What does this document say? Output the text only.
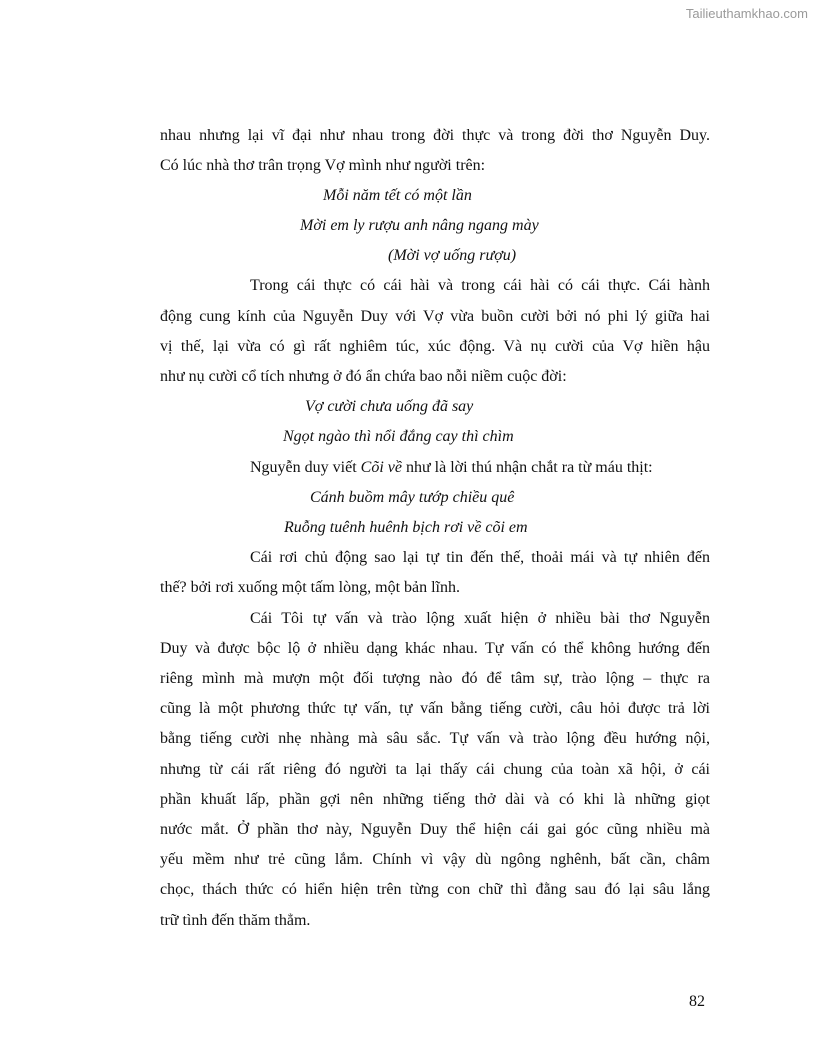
Tailieuthamkhao.com
nhau nhưng lại vĩ đại như nhau trong đời thực và trong đời thơ Nguyễn Duy.
Có lúc nhà thơ trân trọng Vợ mình như người trên:
Mỗi năm tết có một lần
Mời em ly rượu anh nâng ngang mày
(Mời vợ uống rượu)
Trong cái thực có cái hài và trong cái hài có cái thực. Cái hành
động cung kính của Nguyễn Duy với Vợ vừa buồn cười bởi nó phi lý giữa hai
vị thế, lại vừa có gì rất nghiêm túc, xúc động. Và nụ cười của Vợ hiền hậu
như nụ cười cổ tích nhưng ở đó ẩn chứa bao nỗi niềm cuộc đời:
Vợ cười chưa uống đã say
Ngọt ngào thì nổi đắng cay thì chìm
Nguyễn duy viết Cõi về như là lời thú nhận chắt ra từ máu thịt:
Cánh buồm mây tướp chiều quê
Ruỗng tuênh huênh bịch rơi về cõi em
Cái rơi chủ động sao lại tự tin đến thế, thoải mái và tự nhiên đến
thế? bởi rơi xuống một tấm lòng, một bản lĩnh.
Cái Tôi tự vấn và trào lộng xuất hiện ở nhiều bài thơ Nguyễn
Duy và được bộc lộ ở nhiều dạng khác nhau. Tự vấn có thể không hướng đến
riêng mình mà mượn một đối tượng nào đó để tâm sự, trào lộng – thực ra
cũng là một phương thức tự vấn, tự vấn bằng tiếng cười, câu hỏi được trả lời
bằng tiếng cười nhẹ nhàng mà sâu sắc. Tự vấn và trào lộng đều hướng nội,
nhưng từ cái rất riêng đó người ta lại thấy cái chung của toàn xã hội, ở cái
phần khuất lấp, phần gợi nên những tiếng thở dài và có khi là những giọt
nước mắt. Ở phần thơ này, Nguyễn Duy thể hiện cái gai góc cũng nhiều mà
yếu mềm như trẻ cũng lắm. Chính vì vậy dù ngông nghênh, bất cần, châm
chọc, thách thức có hiển hiện trên từng con chữ thì đằng sau đó lại sâu lắng
trữ tình đến thăm thẳm.
82
